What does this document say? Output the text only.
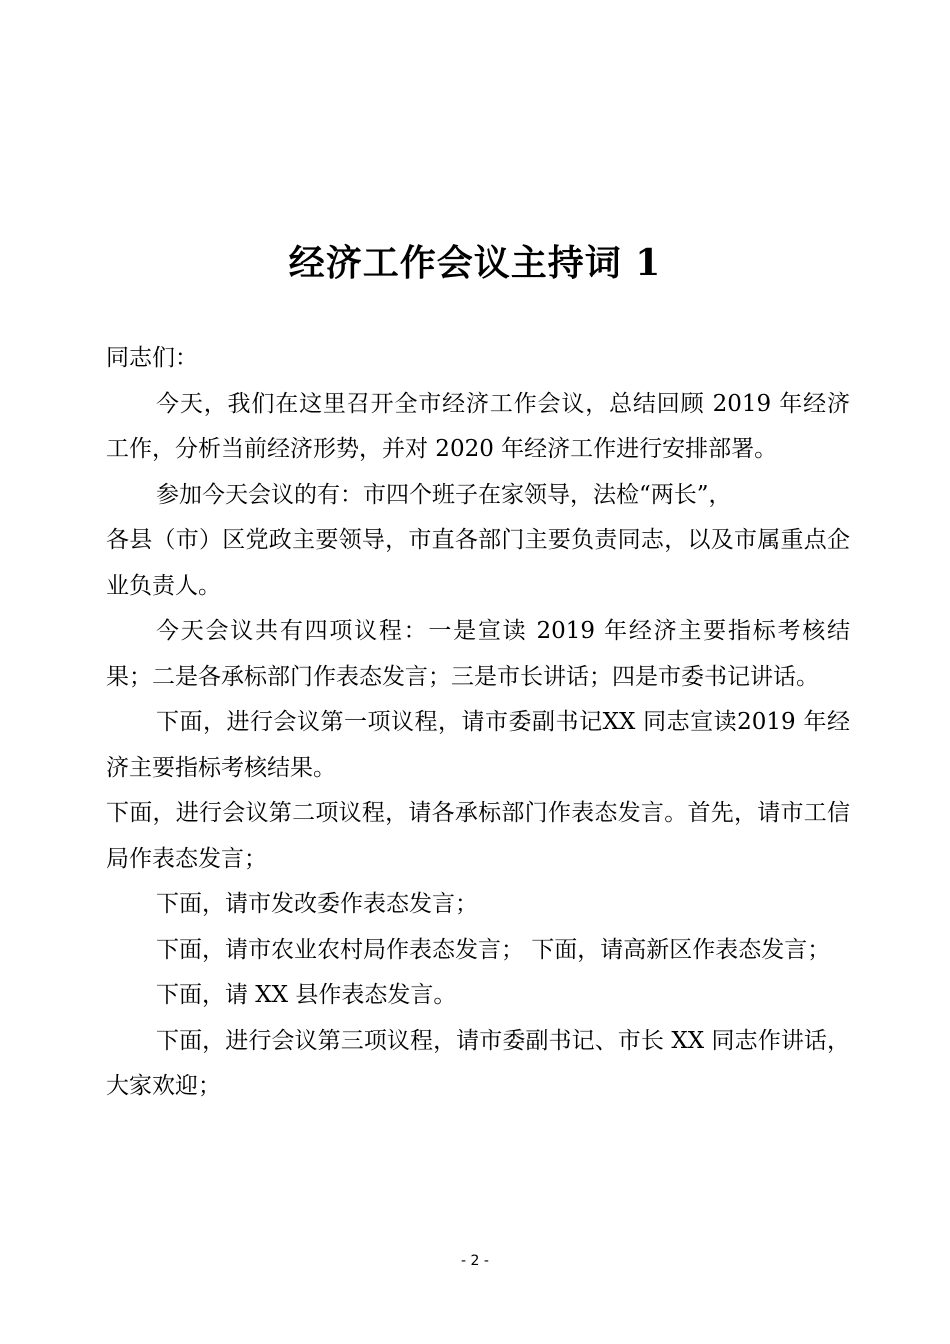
经济工作会议主持词 1

同志们：

今天，我们在这里召开全市经济工作会议，总结回顾 2019 年经济工作，分析当前经济形势，并对 2020 年经济工作进行安排部署。

参加今天会议的有：市四个班子在家领导，法检“两长”，

各县（市）区党政主要领导，市直各部门主要负责同志，以及市属重点企业负责人。

今天会议共有四项议程：一是宣读 2019 年经济主要指标考核结果；二是各承标部门作表态发言；三是市长讲话；四是市委书记讲话。

下面，进行会议第一项议程，请市委副书记XX 同志宣读2019 年经济主要指标考核结果。

下面，进行会议第二项议程，请各承标部门作表态发言。首先，请市工信局作表态发言；

下面，请市发改委作表态发言；

下面，请市农业农村局作表态发言； 下面，请高新区作表态发言；

下面，请 XX 县作表态发言。

下面，进行会议第三项议程，请市委副书记、市长 XX 同志作讲话，大家欢迎；

- 2 -
